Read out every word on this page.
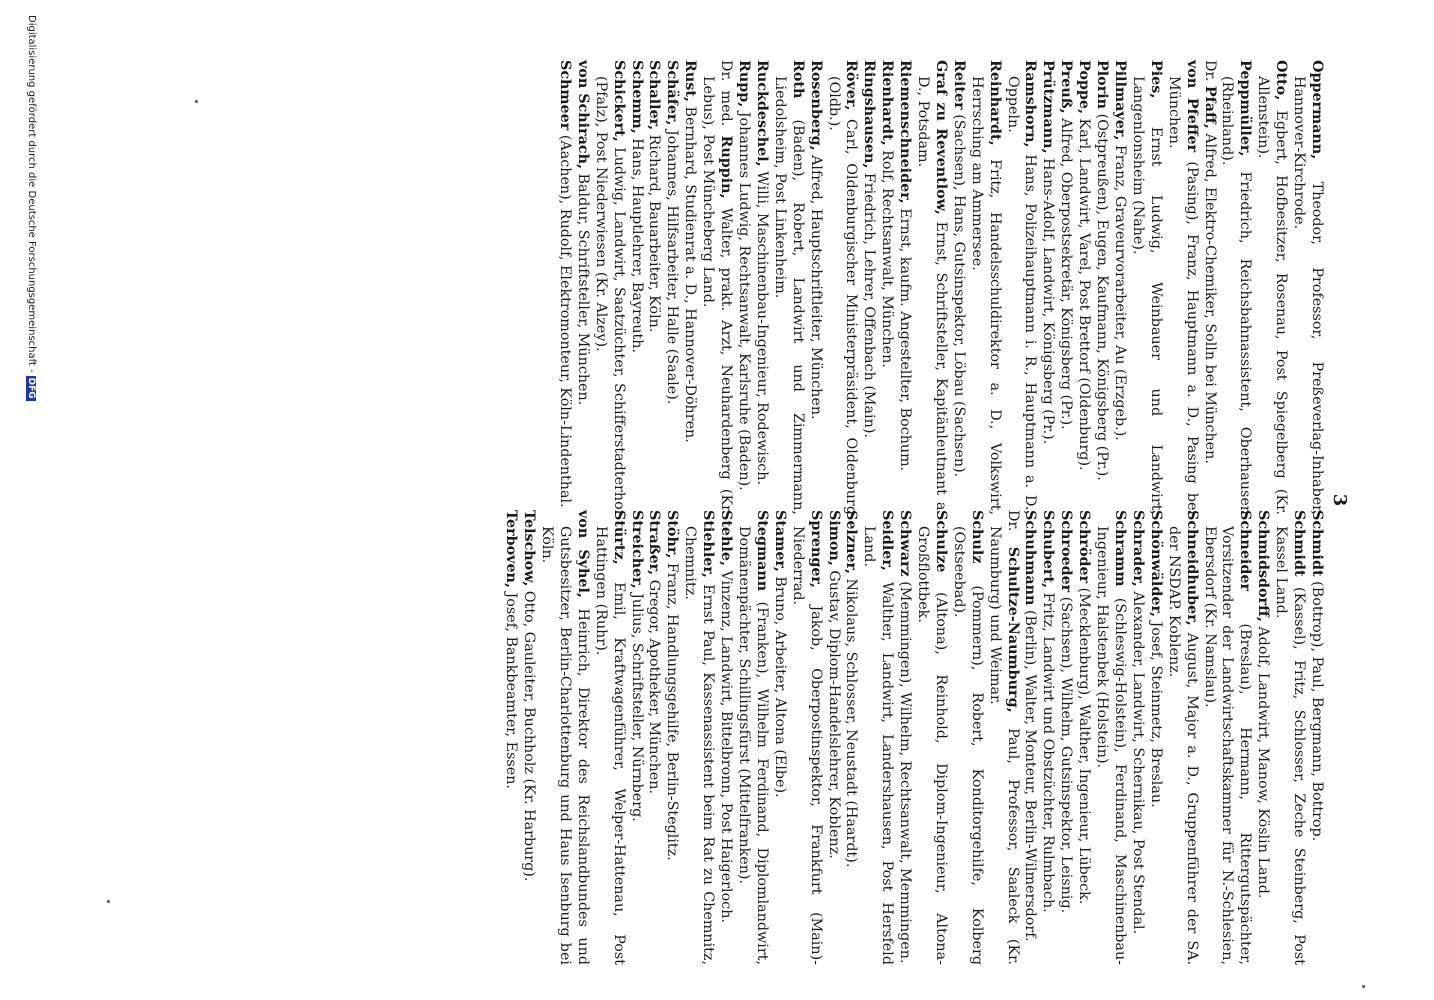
3

Oppermann, Theodor, Professor, Preßeverlag-Inhaber, Hannover-Kirchrode.

Otto, Egbert, Hofbesitzer, Rosenau, Post Spiegelberg (Kr. Allenstein).

Peppmüller, Friedrich, Reichsbahnassistent, Oberhausen (Rheinland).

Dr. Pfaff, Alfred, Elektro-Chemiker, Solln bei München.

von Pfeffer (Pasing), Franz, Hauptmann a. D., Pasing bei München.

Pies, Ernst Ludwig, Weinbauer und Landwirt, Langenlonsheim (Nahe).

Pillmayer, Franz, Graveurvorarbeiter, Au (Erzgeb.).

Plorin (Ostpreußen), Eugen, Kaufmann, Königsberg (Pr.).

Poppe, Karl, Landwirt, Varel, Post Brettorf (Oldenburg).

Preuß, Alfred, Oberpostsekretär, Königsberg (Pr.).

Prützmann, Hans-Adolf, Landwirt, Königsberg (Pr.).

Ramshorn, Hans, Polizeihauptmann i. R., Hauptmann a. D., Oppeln.

Reinhardt, Fritz, Handelsschuldirektor a. D., Volkswirt, Herrsching am Ammersee.

Reiter (Sachsen), Hans, Gutsinspektor, Löbau (Sachsen).

Graf zu Reventlow, Ernst, Schriftsteller, Kapitänleutnant a. D., Potsdam.

Riemenschneider, Ernst, kaufm. Angestellter, Bochum.

Rienhardt, Rolf, Rechtsanwalt, München.

Ringshausen, Friedrich, Lehrer, Offenbach (Main).

Röver, Carl, Oldenburgischer Ministerpräsident, Oldenburg (Oldb.).

Rosenberg, Alfred, Hauptschriftleiter, München.

Roth (Baden), Robert, Landwirt und Zimmermann, Liedolsheim, Post Linkenheim.

Ruckdeschel, Willi, Maschinenbau-Ingenieur, Rodewisch.

Rupp, Johannes Ludwig, Rechtsanwalt, Karlsruhe (Baden).

Dr. med. Ruppin, Walter, prakt. Arzt, Neuhardenberg (Kr. Lebus), Post Müncheberg Land.

Rust, Bernhard, Studienrat a. D., Hannover-Döhren.

Schäfer, Johannes, Hilfsarbeiter, Halle (Saale).

Schaller, Richard, Bauarbeiter, Köln.

Schemm, Hans, Hauptlehrer, Bayreuth.

Schickert, Ludwig, Landwirt, Saatzüchter, Schifferstadterhof (Pfalz), Post Niederwiesen (Kr. Alzey).

von Schirach, Baldur, Schriftsteller, München.

Schmeer (Aachen), Rudolf, Elektromonteur, Köln-Lindenthal.

Schmidt (Bottrop), Paul, Bergmann, Bottrop.

Schmidt (Kassel), Fritz, Schlosser, Zeche Steinberg, Post Kassel Land.

Schmidsdorff, Adolf, Landwirt, Manow, Köslin Land.

Schneider (Breslau), Hermann, Rittergutspächter, Vorsitzender der Landwirtschaftskammer für N.-Schlesien, Ebersdorf (Kr. Namslau).

Schneidhuber, August, Major a. D., Gruppenführer der SA. der NSDAP. Koblenz.

Schönwälder, Josef, Steinmetz, Breslau.

Schrader, Alexander, Landwirt, Schernikau, Post Stendal.

Schramm (Schleswig-Holstein), Ferdinand, Maschinenbau-Ingenieur, Halstenbek (Holstein).

Schröder (Mecklenburg), Walther, Ingenieur, Lübeck.

Schroeder (Sachsen), Wilhelm, Gutsinspektor, Leisnig.

Schubert, Fritz, Landwirt und Obstzüchter, Rulmbach.

Schuhmann (Berlin), Walter, Monteur, Berlin-Wilmersdorf.

Dr. Schultze-Naumburg, Paul, Professor, Saaleck (Kr. Naumburg) und Weimar.

Schulz (Pommern), Robert, Konditorgehilfe, Kolberg (Ostseebad).

Schulze (Altona), Reinhold, Diplom-Ingenieur, Altona-Großflottbek.

Schwarz (Memmingen), Wilhelm, Rechtsanwalt, Memmingen.

Seidler, Walther, Landwirt, Landershausen, Post Hersfeld Land.

Selzner, Nikolaus, Schlosser, Neustadt (Haardt).

Simon, Gustav, Diplom-Handelslehrer, Koblenz.

Sprenger, Jakob, Oberpostinspektor, Frankfurt (Main)-Niederrad.

Stamer, Bruno, Arbeiter, Altona (Elbe).

Stegmann (Franken), Wilhelm Ferdinand, Diplomlandwirt, Domänenpächter, Schillingsfürst (Mittelfranken).

Stehle, Vinzenz, Landwirt, Bittelbronn, Post Haigerloch.

Stiehler, Ernst Paul, Kassenassistent beim Rat zu Chemnitz, Chemnitz.

Stöhr, Franz, Handlungsgehilfe, Berlin-Steglitz.

Straßer, Gregor, Apotheker, München.

Streicher, Julius, Schriftsteller, Nürnberg.

Stürtz, Emil, Kraftwagenführer, Welper-Hattenau, Post Hattingen (Ruhr).

von Syhel, Heinrich, Direktor des Reichslandbundes und Gutsbesitzer, Berlin-Charlottenburg und Haus Isenburg bei Köln.

Telschow, Otto, Gauleiter, Buchholz (Kr. Harburg).

Terboven, Josef, Bankbeamter, Essen.

Digitalisierung gefördert durch die Deutsche Forschungsgemeinschaft -DFG
